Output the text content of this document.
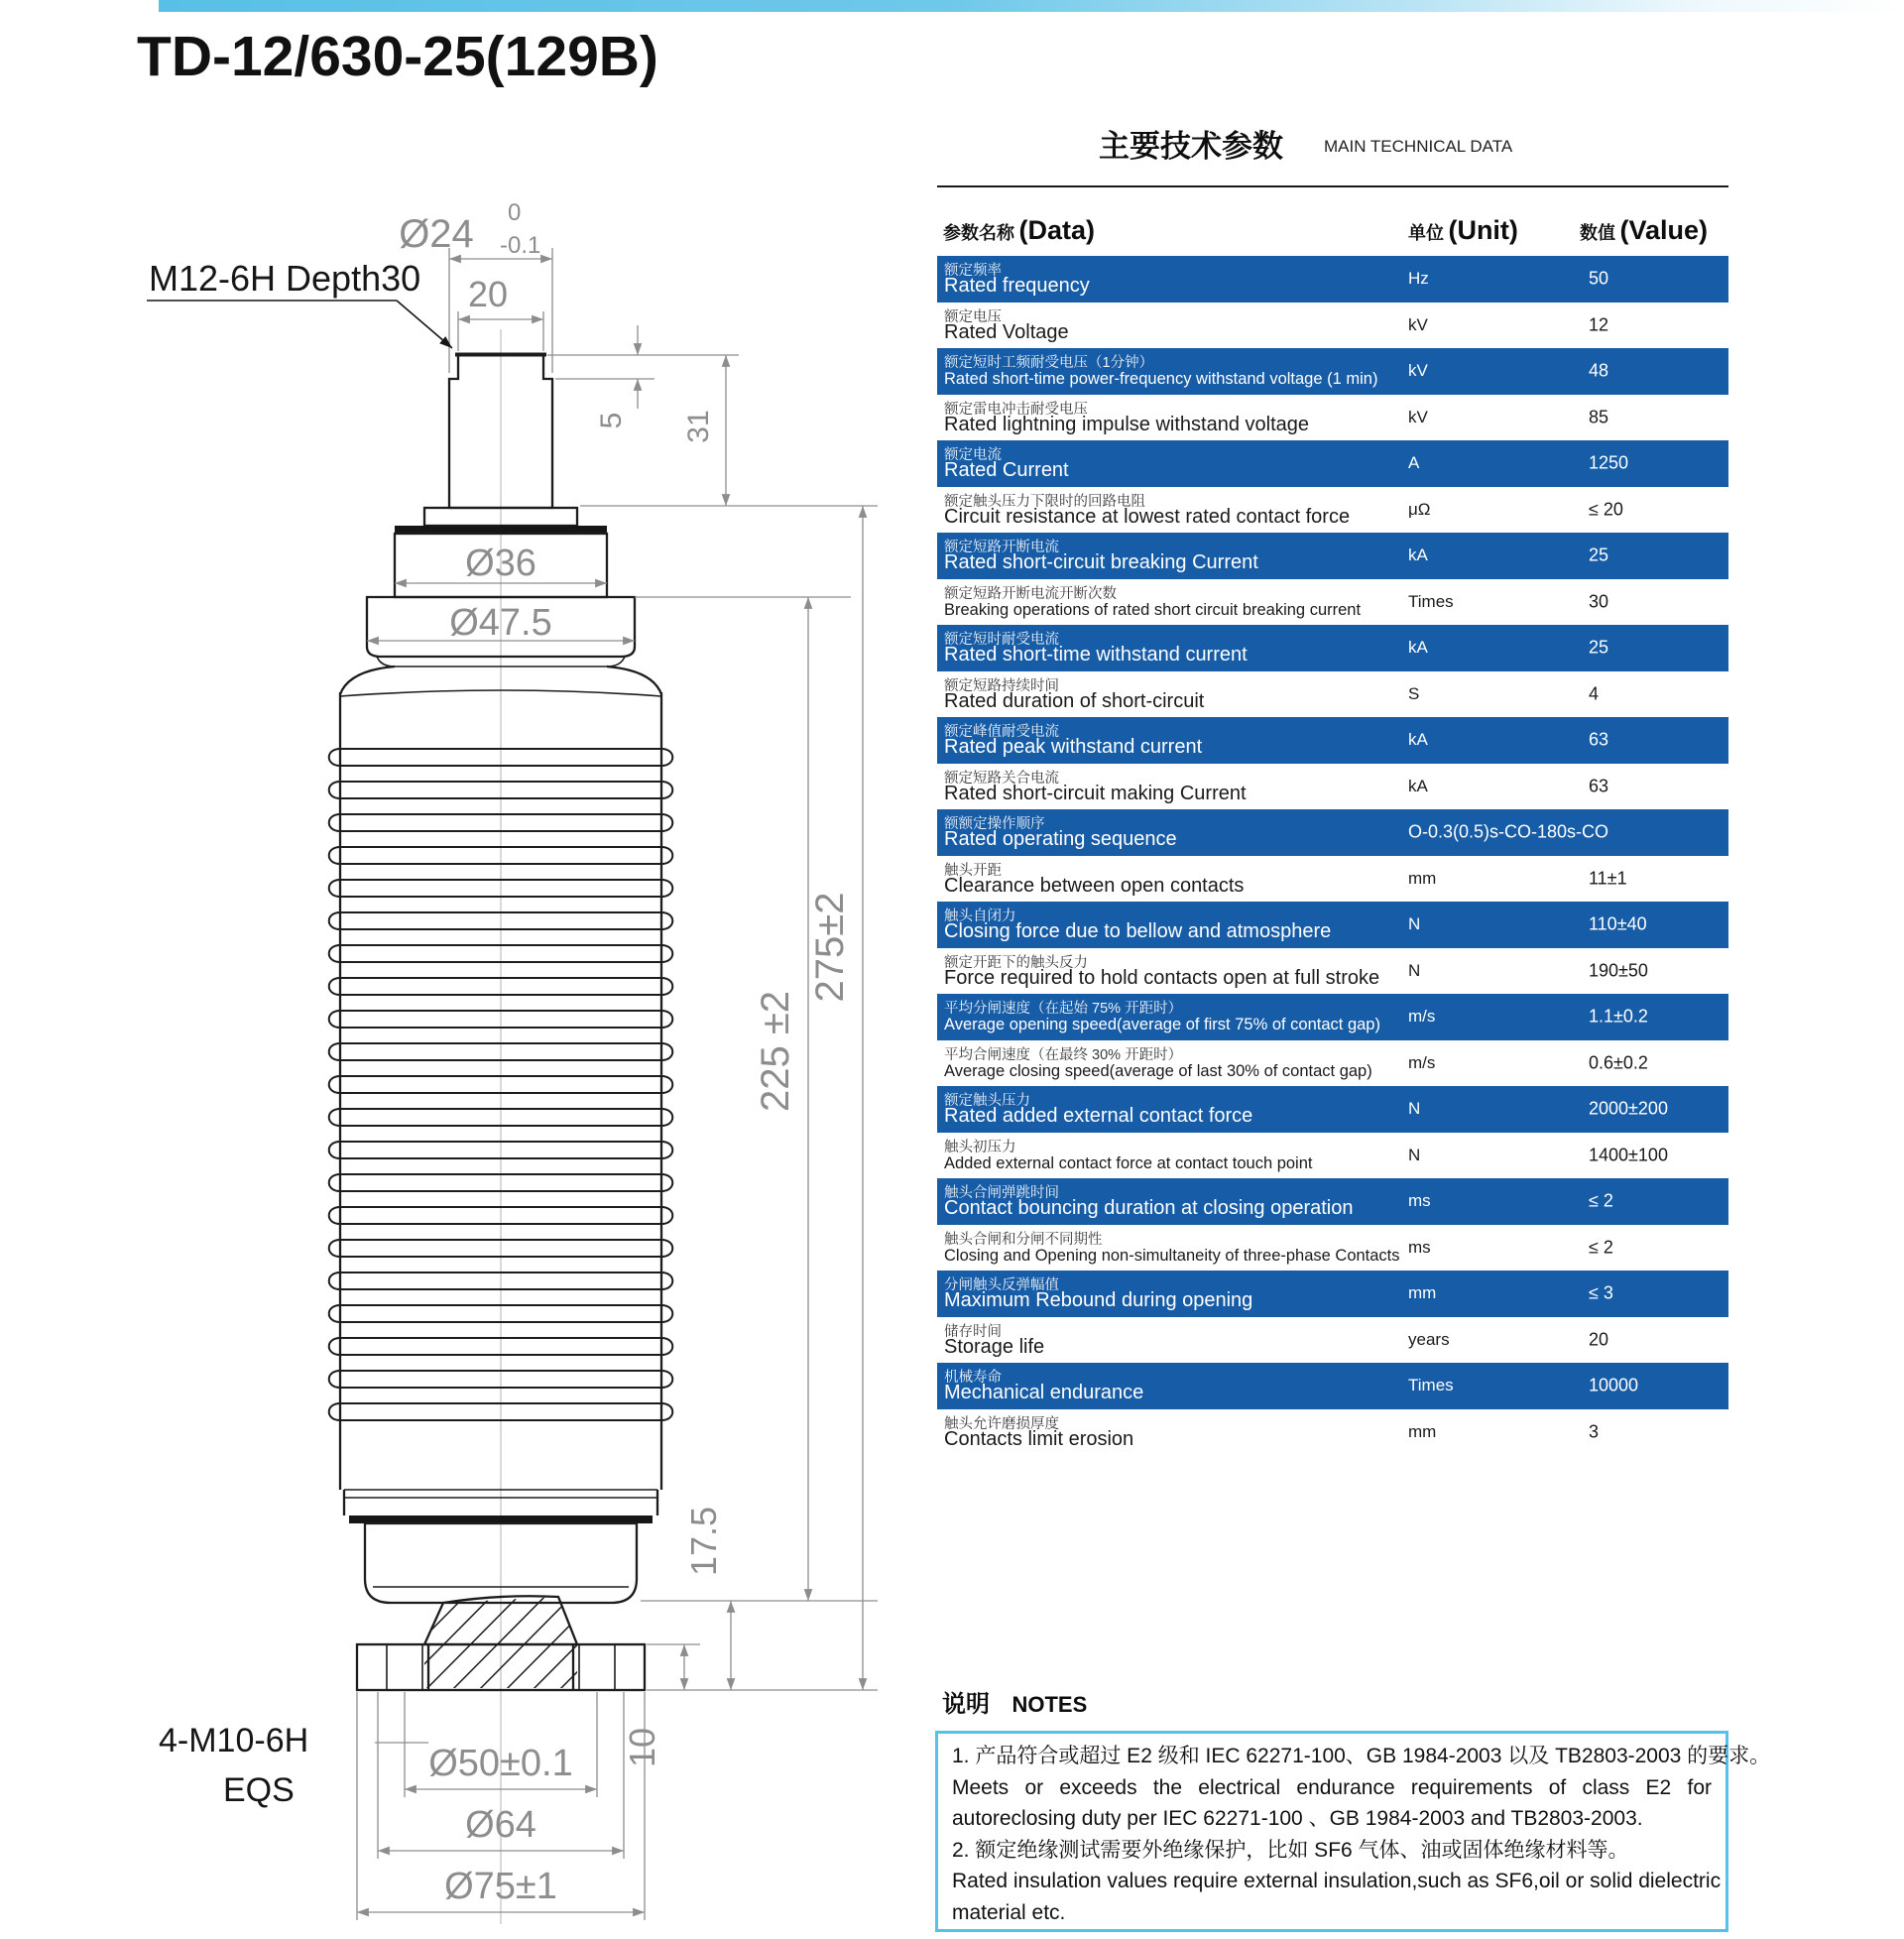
TD-12/630-25(129B)
Ø24 0
-0.1
20
5 31
Ø36
Ø47.5
225 ±2
275±2
17.5
10
Ø50±0.1
Ø64
Ø75±1
M12-6H Depth30
4-M10-6H
EQS
主要技术参数 MAIN TECHNICAL DATA
参数名称 (Data)	单位 (Unit)	数值 (Value)
额定频率
Rated frequency	Hz	50
额定电压
Rated Voltage	kV	12
额定短时工频耐受电压（1分钟）
Rated short-time power-frequency withstand voltage (1 min) kV	48
额定雷电冲击耐受电压
Rated lightning impulse withstand voltage	kV	85
额定电流
Rated Current	A	1250
额定触头压力下限时的回路电阻
Circuit resistance at lowest rated contact force	μΩ	≤ 20
额定短路开断电流
Rated short-circuit breaking Current	kA	25
额定短路开断电流开断次数
Breaking operations of rated short circuit breaking current	Times	30
额定短时耐受电流
Rated short-time withstand current	kA	25
额定短路持续时间
Rated duration of short-circuit	S	4
额定峰值耐受电流
Rated peak withstand current	kA	63
额定短路关合电流
Rated short-circuit making Current	kA	63
额额定操作顺序
Rated operating sequence	O-0.3(0.5)s-CO-180s-CO
触头开距
Clearance between open contacts	mm	11±1
触头自闭力
Closing force due to bellow and atmosphere	N	110±40
额定开距下的触头反力
Force required to hold contacts open at full stroke N	190±50
平均分闸速度（在起始 75% 开距时）
Average opening speed(average of first 75% of contact gap) m/s	1.1±0.2
平均合闸速度（在最终 30% 开距时）
Average closing speed(average of last 30% of contact gap) m/s	0.6±0.2
额定触头压力
Rated added external contact force	N	2000±200
触头初压力
Added external contact force at contact touch point	N	1400±100
触头合闸弹跳时间
Contact bouncing duration at closing operation	ms	≤ 2
触头合闸和分闸不同期性
Closing and Opening non-simultaneity of three-phase Contacts ms	≤ 2
分闸触头反弹幅值
Maximum Rebound during opening	mm	≤ 3
储存时间
Storage life	years	20
机械寿命
Mechanical endurance	Times	10000
触头允许磨损厚度
Contacts limit erosion	mm	3
说明 NOTES
1. 产品符合或超过 E2 级和 IEC 62271-100、GB 1984-2003 以及 TB2803-2003 的要求。
Meets or exceeds the electrical endurance requirements of class E2 for
autoreclosing duty per IEC 62271-100 、GB 1984-2003 and TB2803-2003.
2. 额定绝缘测试需要外绝缘保护，比如 SF6 气体、油或固体绝缘材料等。
Rated insulation values require external insulation,such as SF6,oil or solid dielectric
material etc.
